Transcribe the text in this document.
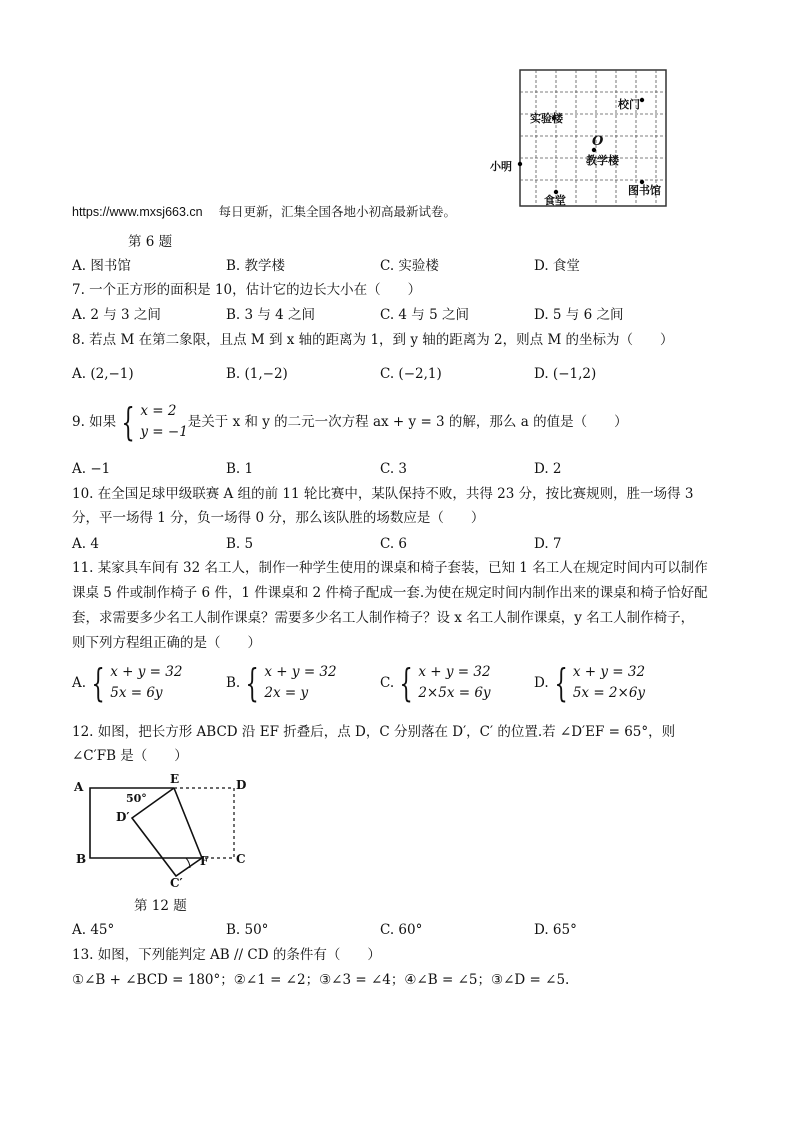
校门
实验楼
O
教学楼
小明
图书馆
食堂
https://www.mxsj663.cn 每日更新，汇集全国各地小初高最新试卷。
第 6 题
A. 图书馆	B. 教学楼	C. 实验楼	D. 食堂
7. 一个正方形的面积是 10，估计它的边长大小在（　　）
A. 2 与 3 之间	B. 3 与 4 之间	C. 4 与 5 之间	D. 5 与 6 之间
8. 若点 M 在第二象限，且点 M 到 x 轴的距离为 1，到 y 轴的距离为 2，则点 M 的坐标为（　　）
A. (2,−1)	B. (1,−2)	C. (−2,1)	D. (−1,2)
9. 如果 { x = 2
y = −1
是关于 x 和 y 的二元一次方程 ax + y = 3 的解，那么 a 的值是（　　）
A. −1	B. 1	C. 3	D. 2
10. 在全国足球甲级联赛 A 组的前 11 轮比赛中，某队保持不败，共得 23 分，按比赛规则，胜一场得 3
分，平一场得 1 分，负一场得 0 分，那么该队胜的场数应是（　　）
A. 4	B. 5	C. 6	D. 7
11. 某家具车间有 32 名工人，制作一种学生使用的课桌和椅子套装，已知 1 名工人在规定时间内可以制作
课桌 5 件或制作椅子 6 件，1 件课桌和 2 件椅子配成一套.为使在规定时间内制作出来的课桌和椅子恰好配
套，求需要多少名工人制作课桌？需要多少名工人制作椅子？设 x 名工人制作课桌，y 名工人制作椅子，
则下列方程组正确的是（　　）
A. { x + y = 32
5x = 6y
B. { x + y = 32
2x = y
C. { x + y = 32
2×5x = 6y
D. { x + y = 32
5x = 2×6y
12. 如图，把长方形 ABCD 沿 EF 折叠后，点 D，C 分别落在 D′，C′ 的位置.若 ∠D′EF = 65°，则
∠C′FB 是（　　）
A
E	D
50°
D′
B	F C
C′
第 12 题
A. 45°	B. 50°	C. 60°	D. 65°
13. 如图，下列能判定 AB // CD 的条件有（　　）
①∠B + ∠BCD = 180°；②∠1 = ∠2；③∠3 = ∠4；④∠B = ∠5；③∠D = ∠5.
